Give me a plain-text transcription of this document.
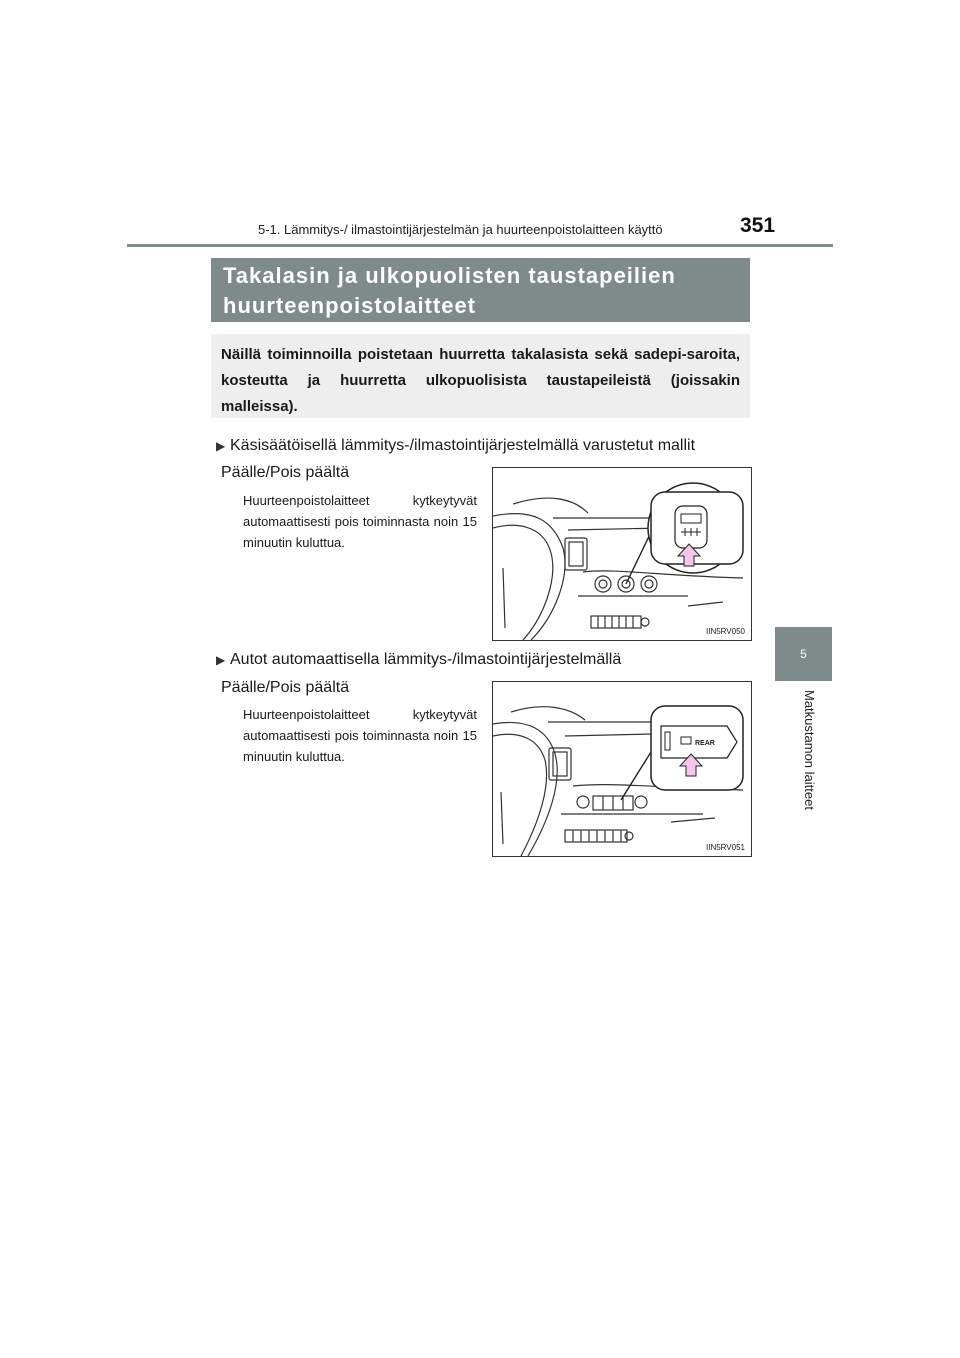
5-1. Lämmitys-/ ilmastointijärjestelmän ja huurteenpoistolaitteen käyttö	351
Takalasin ja ulkopuolisten taustapeilien huurteenpoistolaitteet
Näillä toiminnoilla poistetaan huurretta takalasista sekä sadepi-saroita, kosteutta ja huurretta ulkopuolisista taustapeileistä (joissakin malleissa).
▶ Käsisäätöisellä lämmitys-/ilmastointijärjestelmällä varustetut mallit
Päälle/Pois päältä
Huurteenpoistolaitteet kytkeytyvät automaattisesti pois toiminnasta noin 15 minuutin kuluttua.
IIN5RV050
▶ Autot automaattisella lämmitys-/ilmastointijärjestelmällä
Päälle/Pois päältä
Huurteenpoistolaitteet kytkeytyvät automaattisesti pois toiminnasta noin 15 minuutin kuluttua.
REAR
IIN5RV051
5
Matkustamon laitteet
